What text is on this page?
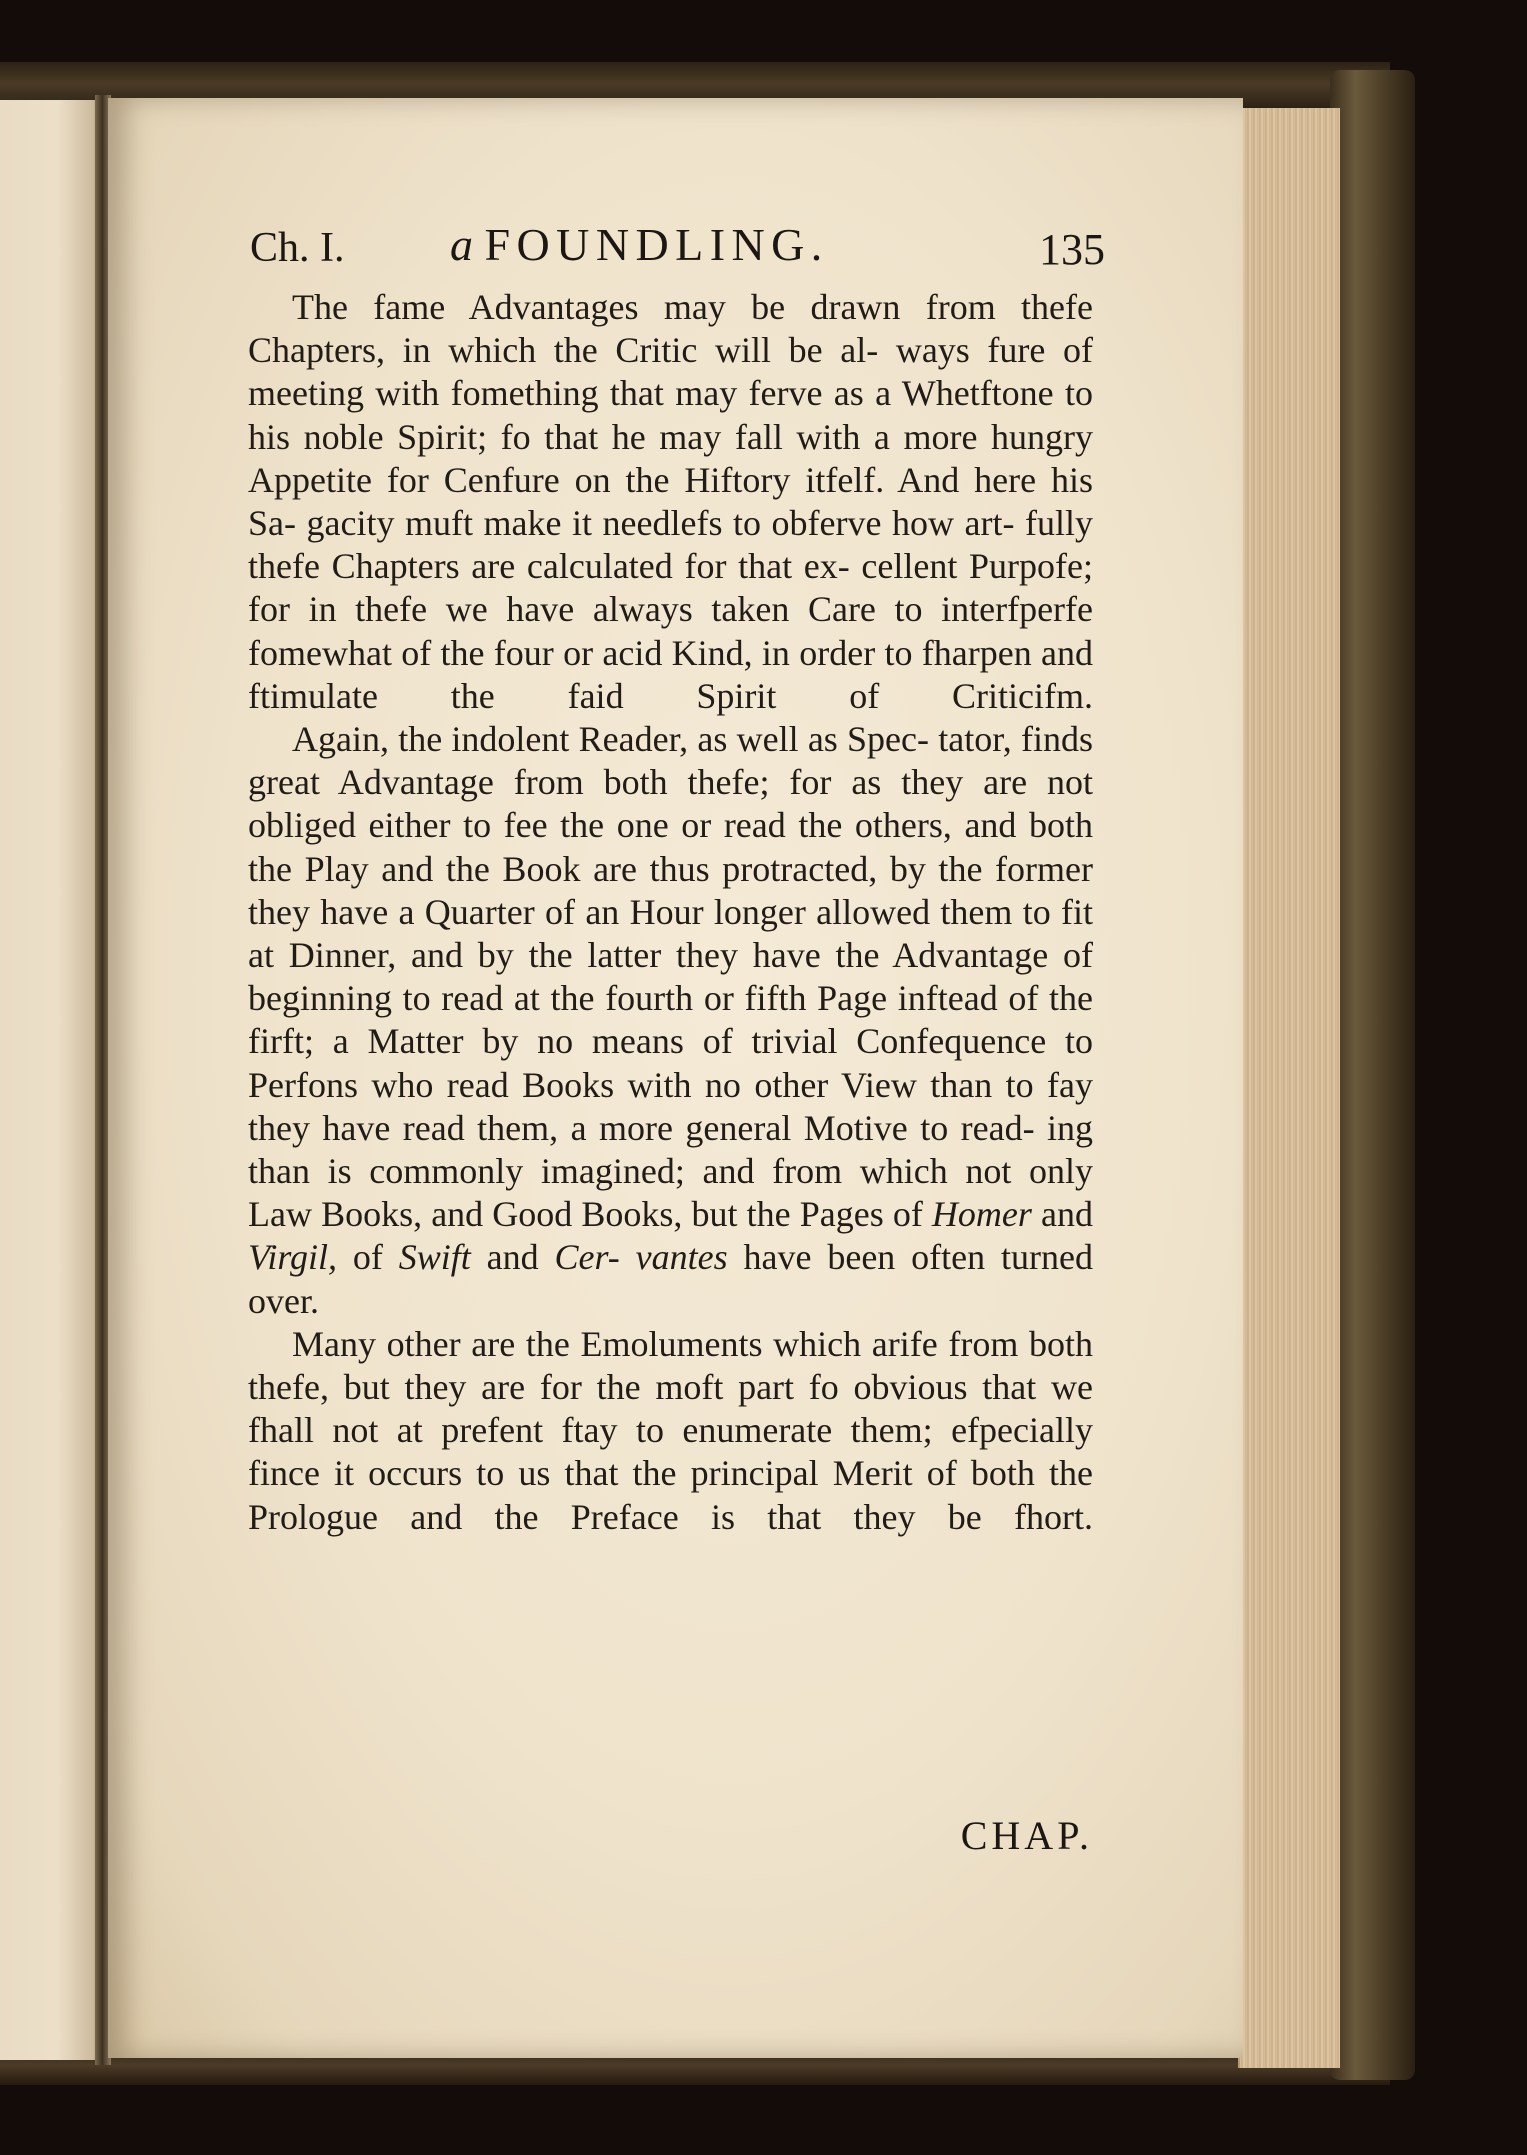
Ch. I. a FOUNDLING.	135

The fame Advantages may be drawn from thefe Chapters, in which the Critic will be al- ways fure of meeting with fomething that may ferve as a Whetftone to his noble Spirit; fo that he may fall with a more hungry Appetite for Cenfure on the Hiftory itfelf. And here his Sa- gacity muft make it needlefs to obferve how art- fully thefe Chapters are calculated for that ex- cellent Purpofe; for in thefe we have always taken Care to interfperfe fomewhat of the four or acid Kind, in order to fharpen and ftimulate the faid Spirit of Criticifm.

Again, the indolent Reader, as well as Spec- tator, finds great Advantage from both thefe; for as they are not obliged either to fee the one or read the others, and both the Play and the Book are thus protracted, by the former they have a Quarter of an Hour longer allowed them to fit at Dinner, and by the latter they have the Advantage of beginning to read at the fourth or fifth Page inftead of the firft; a Matter by no means of trivial Confequence to Perfons who read Books with no other View than to fay they have read them, a more general Motive to read- ing than is commonly imagined; and from which not only Law Books, and Good Books, but the Pages of Homer and Virgil, of Swift and Cer- vantes have been often turned over.

Many other are the Emoluments which arife from both thefe, but they are for the moft part fo obvious that we fhall not at prefent ftay to enumerate them; efpecially fince it occurs to us that the principal Merit of both the Prologue and the Preface is that they be fhort.

CHAP.
